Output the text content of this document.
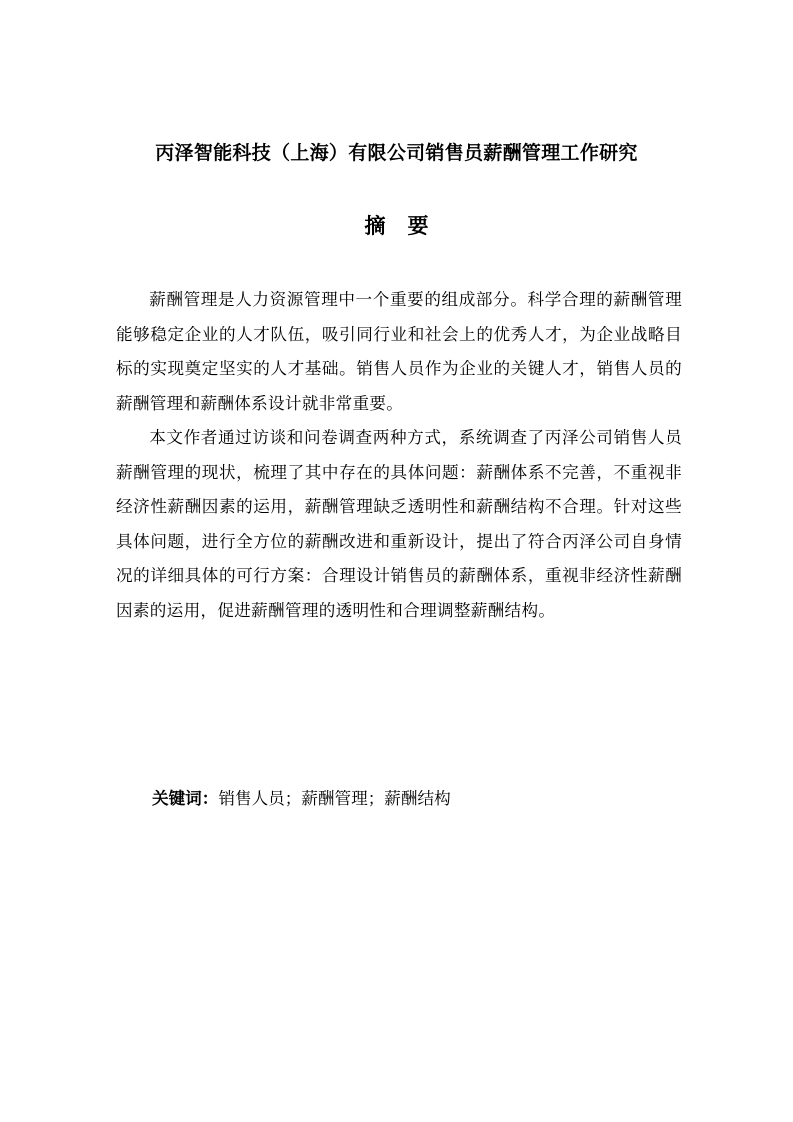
丙泽智能科技（上海）有限公司销售员薪酬管理工作研究
摘要

薪酬管理是人力资源管理中一个重要的组成部分。科学合理的薪酬管理能够稳定企业的人才队伍，吸引同行业和社会上的优秀人才，为企业战略目标的实现奠定坚实的人才基础。销售人员作为企业的关键人才，销售人员的薪酬管理和薪酬体系设计就非常重要。

本文作者通过访谈和问卷调查两种方式，系统调查了丙泽公司销售人员薪酬管理的现状，梳理了其中存在的具体问题：薪酬体系不完善，不重视非经济性薪酬因素的运用，薪酬管理缺乏透明性和薪酬结构不合理。针对这些具体问题，进行全方位的薪酬改进和重新设计，提出了符合丙泽公司自身情况的详细具体的可行方案：合理设计销售员的薪酬体系，重视非经济性薪酬因素的运用，促进薪酬管理的透明性和合理调整薪酬结构。

关键词：销售人员；薪酬管理；薪酬结构
